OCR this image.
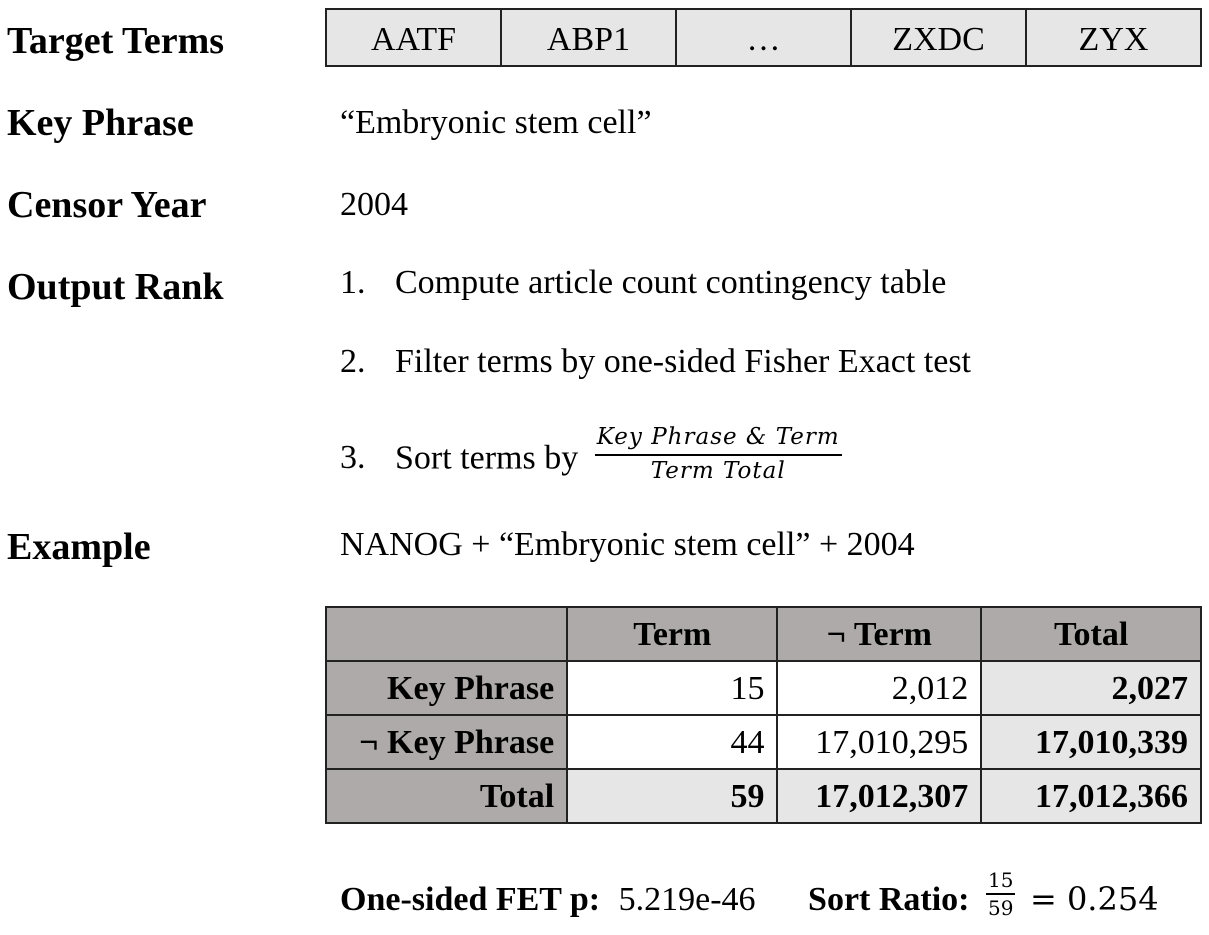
Target Terms	AATF	ABP1	…	ZXDC	ZYX
Key Phrase	“Embryonic stem cell”
Censor Year	2004
Output Rank	1. Compute article count contingency table
2. Filter terms by one-sided Fisher Exact test
3. Sort terms by $\frac{\text{Key Phrase \& Term}}{\text{Term Total}}$
Example	NANOG + “Embryonic stem cell” + 2004
	Term	¬ Term	Total
Key Phrase	15	2,012	2,027
¬ Key Phrase	44	17,010,295	17,010,339
Total	59	17,012,307	17,012,366
One-sided FET p: 5.219e-46 Sort Ratio: $\frac{15}{59} = 0.254$
